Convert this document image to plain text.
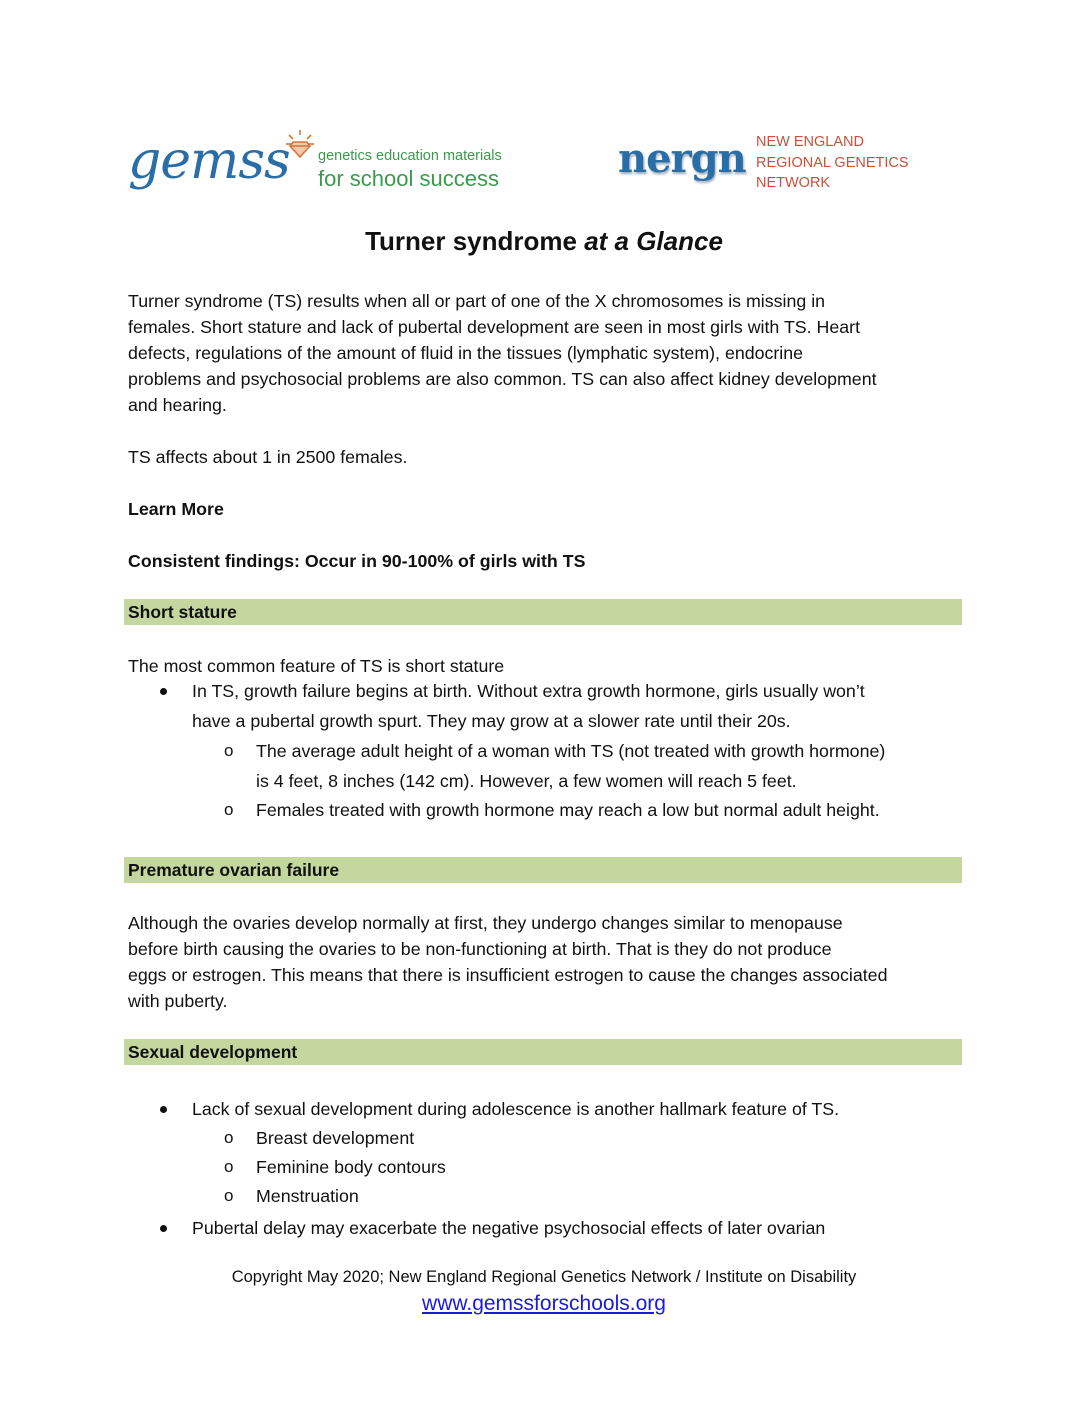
gemss genetics education materials
for school success	nergn NEW ENGLAND
REGIONAL GENETICS
NETWORK
Turner syndrome at a Glance
Turner syndrome (TS) results when all or part of one of the X chromosomes is missing in
females. Short stature and lack of pubertal development are seen in most girls with TS. Heart
defects, regulations of the amount of fluid in the tissues (lymphatic system), endocrine
problems and psychosocial problems are also common. TS can also affect kidney development
and hearing.
TS affects about 1 in 2500 females.
Learn More
Consistent findings: Occur in 90-100% of girls with TS
Short stature
The most common feature of TS is short stature
In TS, growth failure begins at birth. Without extra growth hormone, girls usually won’t
have a pubertal growth spurt. They may grow at a slower rate until their 20s.
o The average adult height of a woman with TS (not treated with growth hormone)
is 4 feet, 8 inches (142 cm). However, a few women will reach 5 feet.
o Females treated with growth hormone may reach a low but normal adult height.
Premature ovarian failure
Although the ovaries develop normally at first, they undergo changes similar to menopause
before birth causing the ovaries to be non-functioning at birth. That is they do not produce
eggs or estrogen. This means that there is insufficient estrogen to cause the changes associated
with puberty.
Sexual development
Lack of sexual development during adolescence is another hallmark feature of TS.
o Breast development
o Feminine body contours
o Menstruation
Pubertal delay may exacerbate the negative psychosocial effects of later ovarian
Copyright May 2020; New England Regional Genetics Network / Institute on Disability
www.gemssforschools.org
